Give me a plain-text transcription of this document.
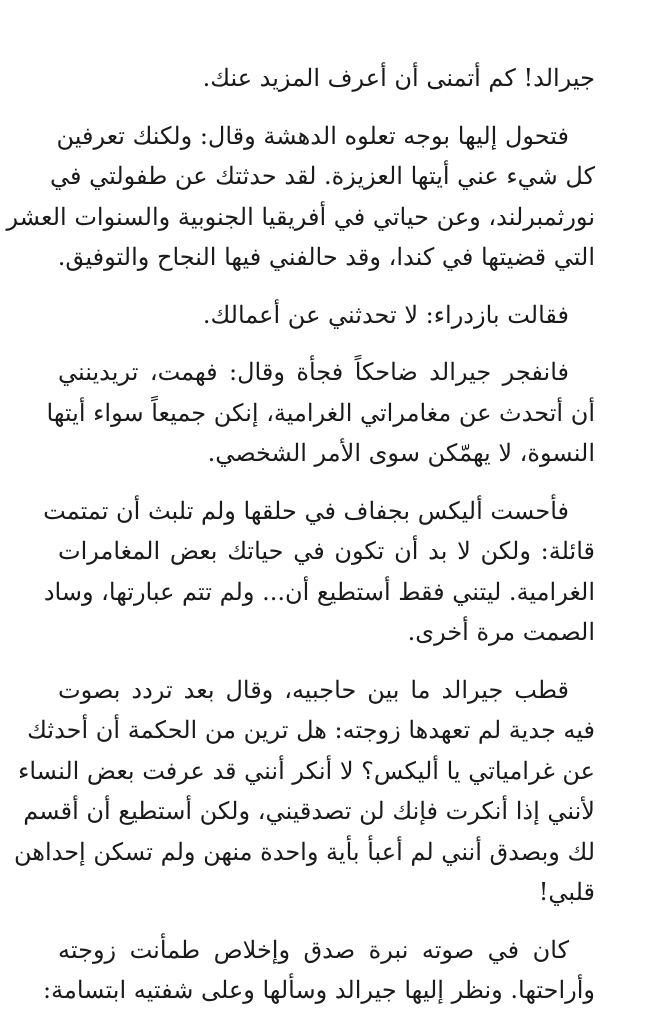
جيرالد! كم أتمنى أن أعرف المزيد عنك.

فتحول إليها بوجه تعلوه الدهشة وقال: ولكنك تعرفين
كل شيء عني أيتها العزيزة. لقد حدثتك عن طفولتي في
نورثمبرلند، وعن حياتي في أفريقيا الجنوبية والسنوات العشر
التي قضيتها في كندا، وقد حالفني فيها النجاح والتوفيق.

فقالت بازدراء: لا تحدثني عن أعمالك.

فانفجر جيرالد ضاحكاً فجأة وقال: فهمت، تريدينني
أن أتحدث عن مغامراتي الغرامية، إنكن جميعاً سواء أيتها
النسوة، لا يهمّكن سوى الأمر الشخصي.

فأحست أليكس بجفاف في حلقها ولم تلبث أن تمتمت
قائلة: ولكن لا بد أن تكون في حياتك بعض المغامرات
الغرامية. ليتني فقط أستطيع أن... ولم تتم عبارتها، وساد
الصمت مرة أخرى.

قطب جيرالد ما بين حاجبيه، وقال بعد تردد بصوت
فيه جدية لم تعهدها زوجته: هل ترين من الحكمة أن أحدثك
عن غرامياتي يا أليكس؟ لا أنكر أنني قد عرفت بعض النساء
لأنني إذا أنكرت فإنك لن تصدقيني، ولكن أستطيع أن أقسم
لك وبصدق أنني لم أعبأ بأية واحدة منهن ولم تسكن إحداهن
قلبي!

كان في صوته نبرة صدق وإخلاص طمأنت زوجته
وأراحتها. ونظر إليها جيرالد وسألها وعلى شفتيه ابتسامة:
